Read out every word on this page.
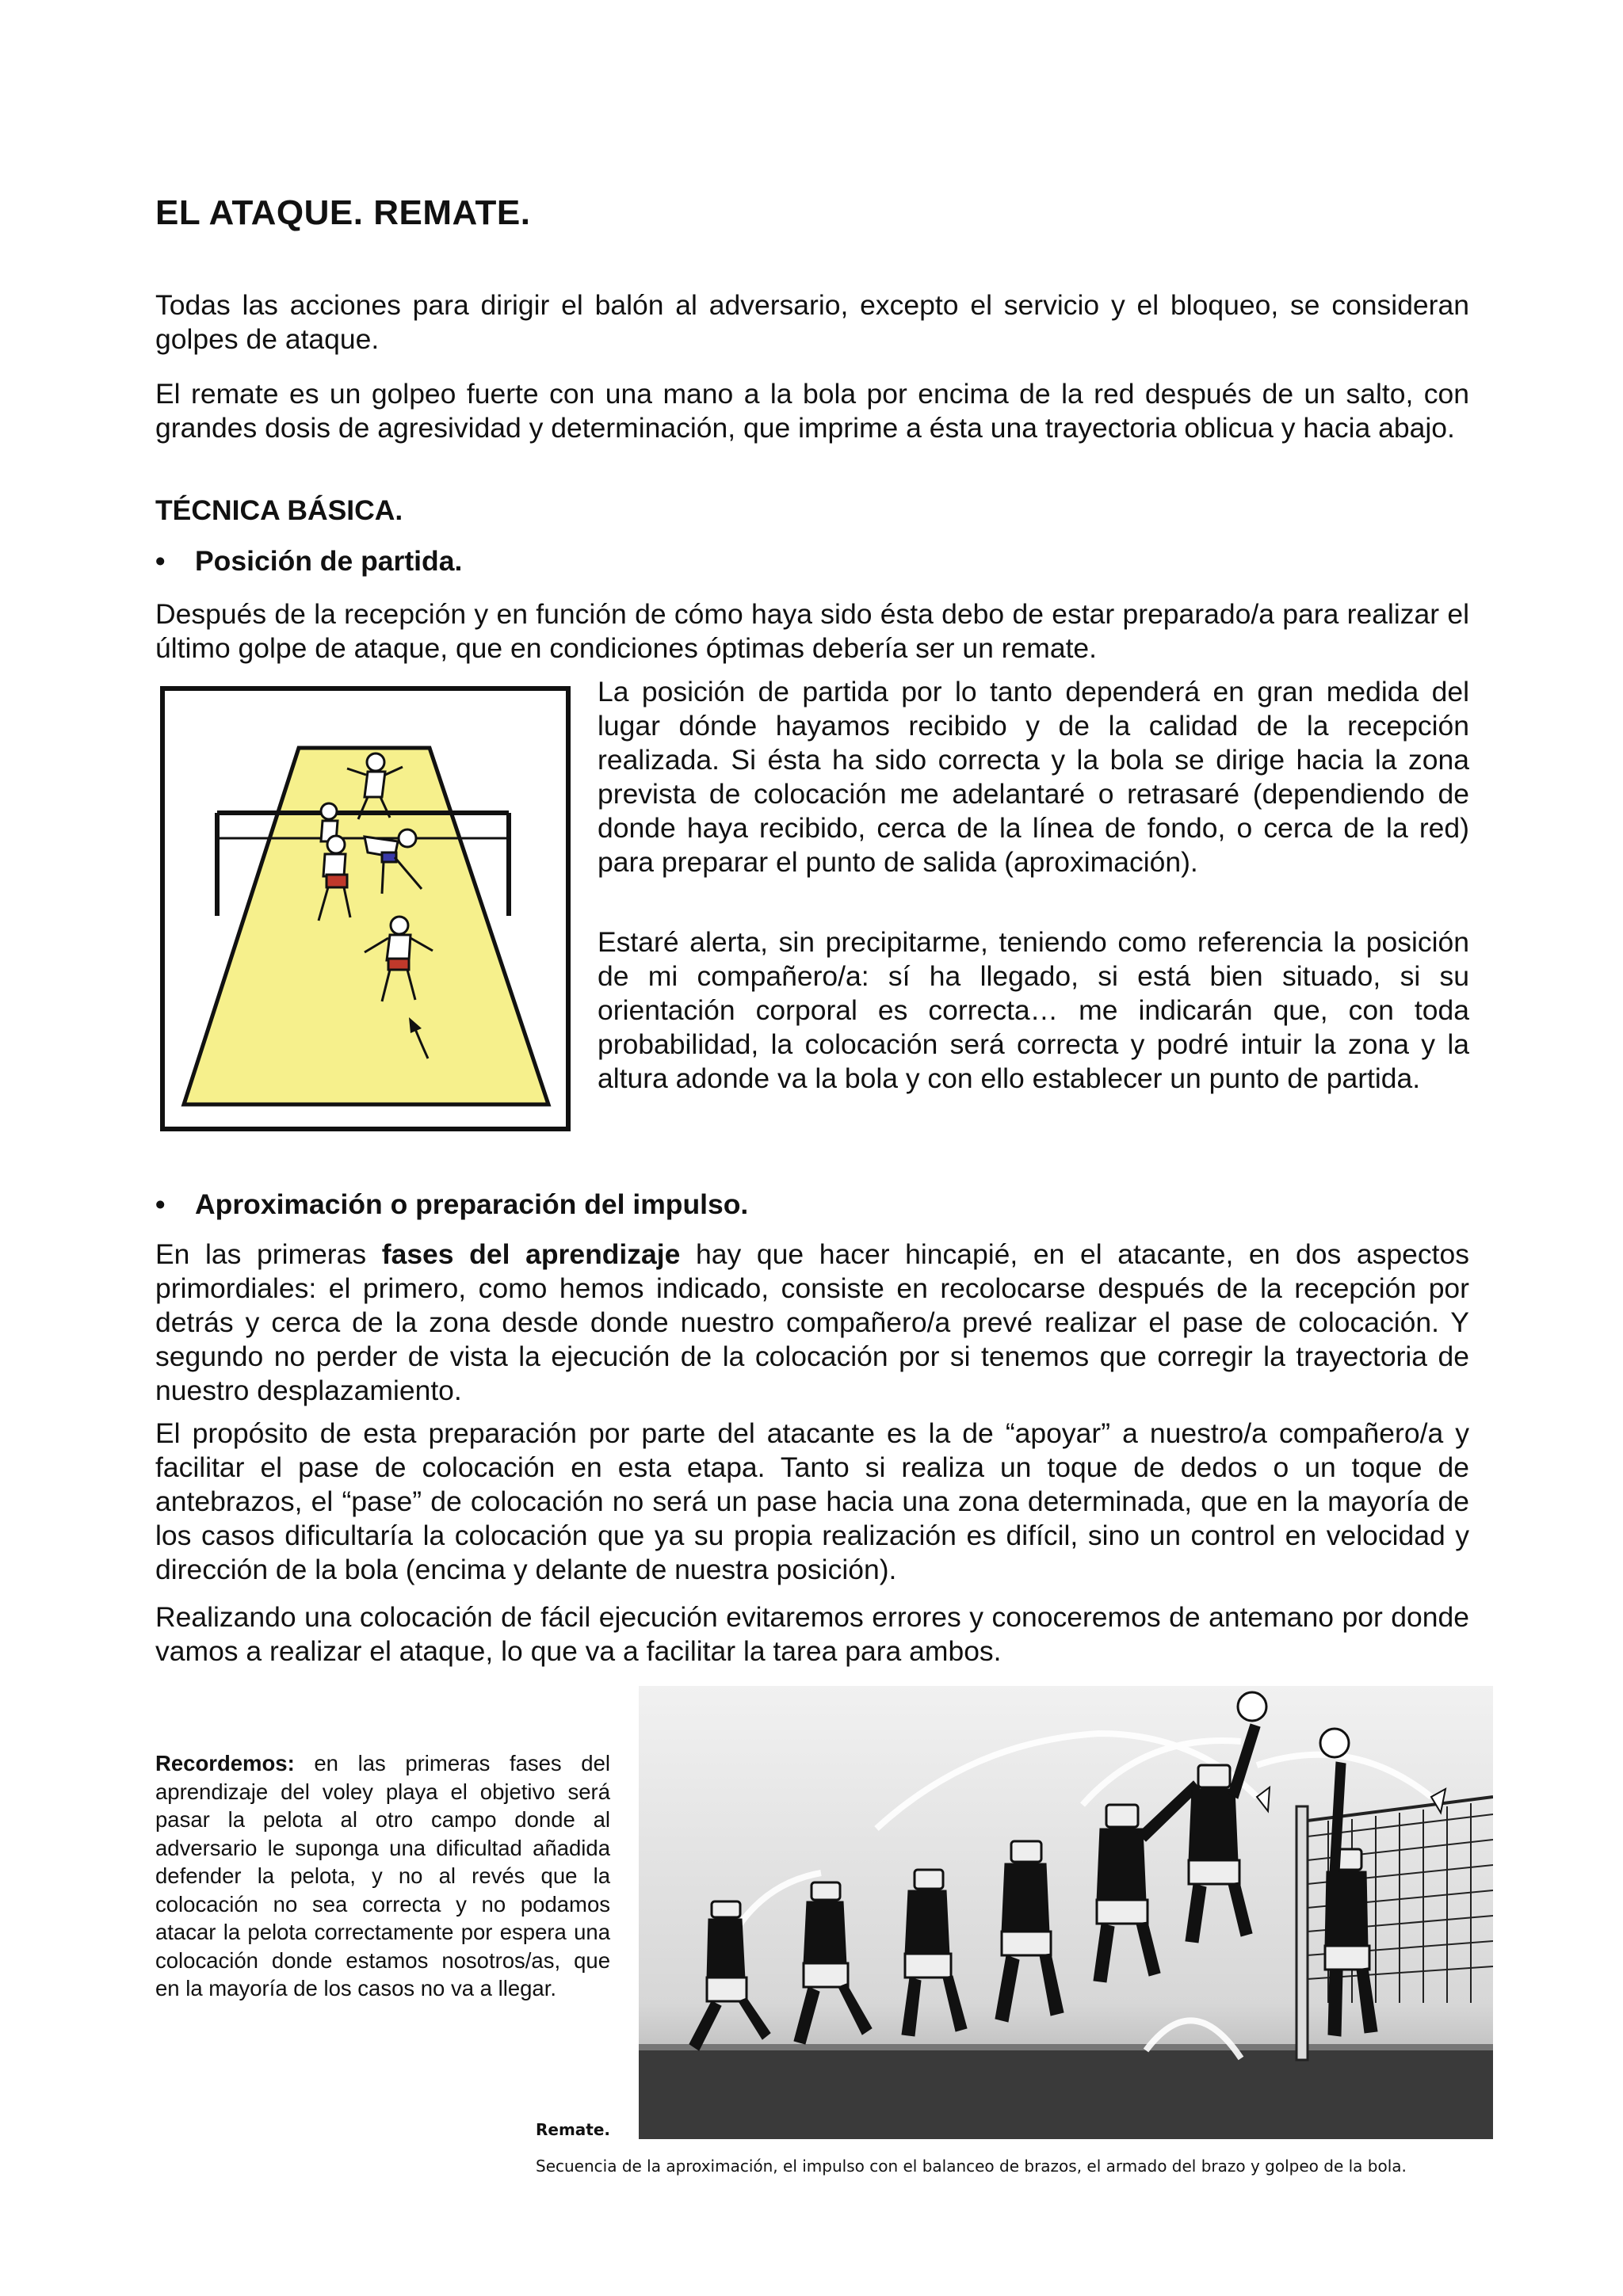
EL ATAQUE. REMATE.
Todas las acciones para dirigir el balón al adversario, excepto el servicio y el bloqueo, se consideran golpes de ataque.
El remate es un golpeo fuerte con una mano a la bola por encima de la red después de un salto, con grandes dosis de agresividad y determinación, que imprime a ésta una trayectoria oblicua y hacia abajo.
TÉCNICA BÁSICA.
• Posición de partida.
Después de la recepción y en función de cómo haya sido ésta debo de estar preparado/a para realizar el último golpe de ataque, que en condiciones óptimas debería ser un remate.
La posición de partida por lo tanto dependerá en gran medida del lugar dónde hayamos recibido y de la calidad de la recepción realizada. Si ésta ha sido correcta y la bola se dirige hacia la zona prevista de colocación me adelantaré o retrasaré (dependiendo de donde haya recibido, cerca de la línea de fondo, o cerca de la red) para preparar el punto de salida (aproximación).
Estaré alerta, sin precipitarme, teniendo como referencia la posición de mi compañero/a: sí ha llegado, si está bien situado, si su orientación corporal es correcta… me indicarán que, con toda probabilidad, la colocación será correcta y podré intuir la zona y la altura adonde va la bola y con ello establecer un punto de partida.
• Aproximación o preparación del impulso.
En las primeras fases del aprendizaje hay que hacer hincapié, en el atacante, en dos aspectos primordiales: el primero, como hemos indicado, consiste en recolocarse después de la recepción por detrás y cerca de la zona desde donde nuestro compañero/a prevé realizar el pase de colocación. Y segundo no perder de vista la ejecución de la colocación por si tenemos que corregir la trayectoria de nuestro desplazamiento.
El propósito de esta preparación por parte del atacante es la de “apoyar” a nuestro/a compañero/a y facilitar el pase de colocación en esta etapa. Tanto si realiza un toque de dedos o un toque de antebrazos, el “pase” de colocación no será un pase hacia una zona determinada, que en la mayoría de los casos dificultaría la colocación que ya su propia realización es difícil, sino un control en velocidad y dirección de la bola (encima y delante de nuestra posición).
Realizando una colocación de fácil ejecución evitaremos errores y conoceremos de antemano por donde vamos a realizar el ataque, lo que va a facilitar la tarea para ambos.
Recordemos: en las primeras fases del aprendizaje del voley playa el objetivo será pasar la pelota al otro campo donde al adversario le suponga una dificultad añadida defender la pelota, y no al revés que la colocación no sea correcta y no podamos atacar la pelota correctamente por espera una colocación donde estamos nosotros/as, que en la mayoría de los casos no va a llegar.
Remate.
Secuencia de la aproximación, el impulso con el balanceo de brazos, el armado del brazo y golpeo de la bola.
